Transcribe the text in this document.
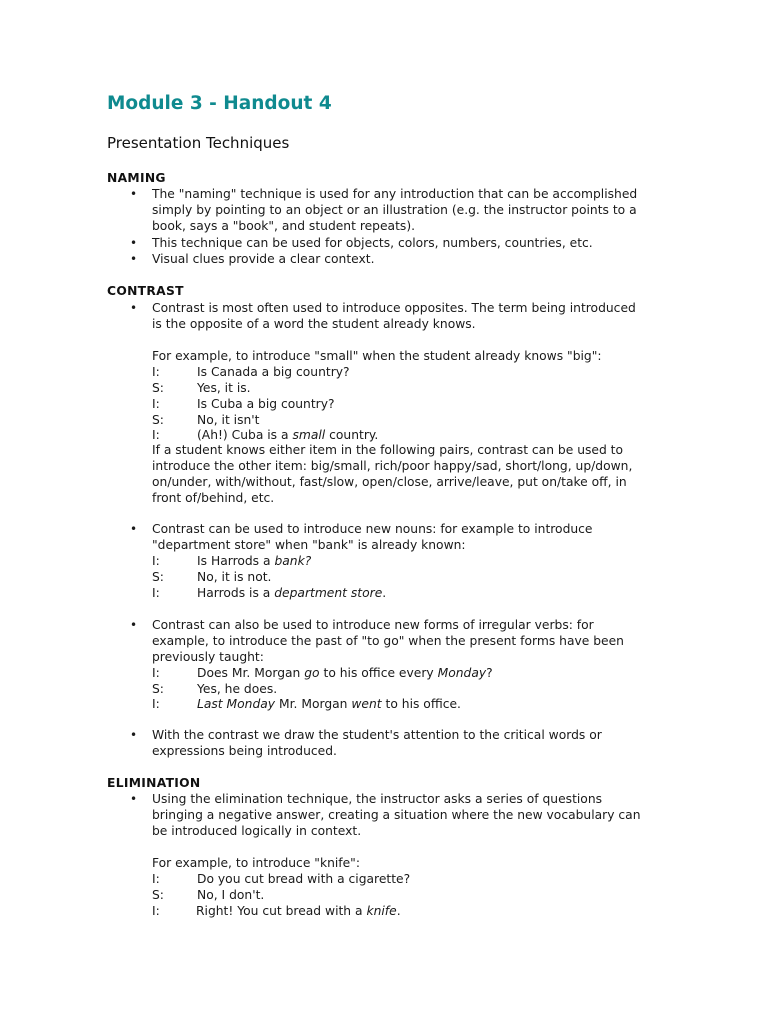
Module 3 - Handout 4
Presentation Techniques
NAMING
• The "naming" technique is used for any introduction that can be accomplished
simply by pointing to an object or an illustration (e.g. the instructor points to a
book, says a "book", and student repeats).
• This technique can be used for objects, colors, numbers, countries, etc.
• Visual clues provide a clear context.
CONTRAST
• Contrast is most often used to introduce opposites. The term being introduced
is the opposite of a word the student already knows.
For example, to introduce "small" when the student already knows "big":
I:	Is Canada a big country?
S:	Yes, it is.
I:	Is Cuba a big country?
S:	No, it isn't
I:	(Ah!) Cuba is a small country.
If a student knows either item in the following pairs, contrast can be used to
introduce the other item: big/small, rich/poor happy/sad, short/long, up/down,
on/under, with/without, fast/slow, open/close, arrive/leave, put on/take off, in
front of/behind, etc.
• Contrast can be used to introduce new nouns: for example to introduce
"department store" when "bank" is already known:
I:	Is Harrods a bank?
S:	No, it is not.
I:	Harrods is a department store.
• Contrast can also be used to introduce new forms of irregular verbs: for
example, to introduce the past of "to go" when the present forms have been
previously taught:
I:	Does Mr. Morgan go to his office every Monday?
S:	Yes, he does.
I:	Last Monday Mr. Morgan went to his office.
• With the contrast we draw the student's attention to the critical words or
expressions being introduced.
ELIMINATION
• Using the elimination technique, the instructor asks a series of questions
bringing a negative answer, creating a situation where the new vocabulary can
be introduced logically in context.
For example, to introduce "knife":
I:	Do you cut bread with a cigarette?
S:	No, I don't.
I:	Right! You cut bread with a knife.
